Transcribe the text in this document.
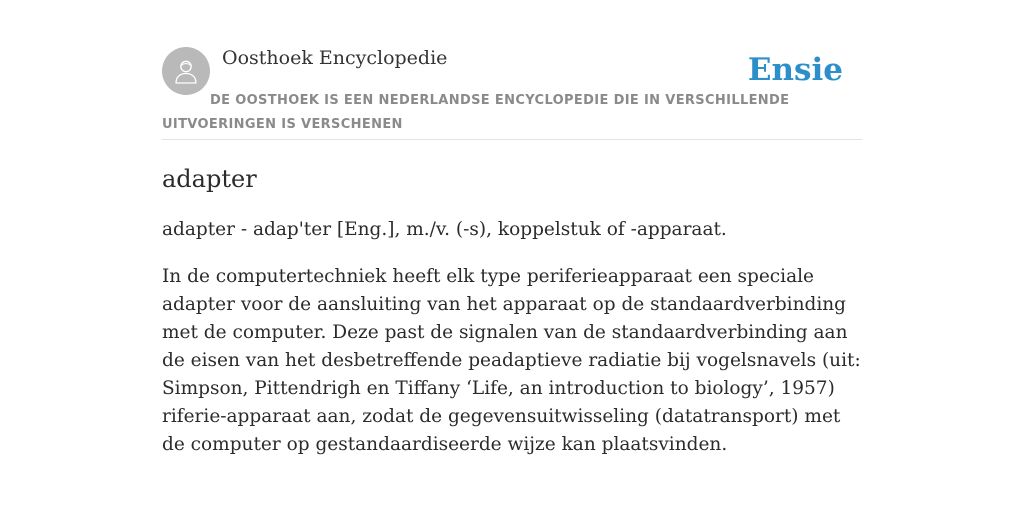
Oosthoek Encyclopedie	Ensie
DE OOSTHOEK IS EEN NEDERLANDSE ENCYCLOPEDIE DIE IN VERSCHILLENDE UITVOERINGEN IS VERSCHENEN
adapter

adapter - adap'ter [Eng.], m./v. (-s), koppelstuk of -apparaat.

In de computertechniek heeft elk type periferieapparaat een speciale adapter voor de aansluiting van het apparaat op de standaardverbinding met de computer. Deze past de signalen van de standaardverbinding aan de eisen van het desbetreffende peadaptieve radiatie bij vogelsnavels (uit: Simpson, Pittendrigh en Tiffany ‘Life, an introduction to biology’, 1957) riferie-apparaat aan, zodat de gegevensuitwisseling (datatransport) met de computer op gestandaardiseerde wijze kan plaatsvinden.
